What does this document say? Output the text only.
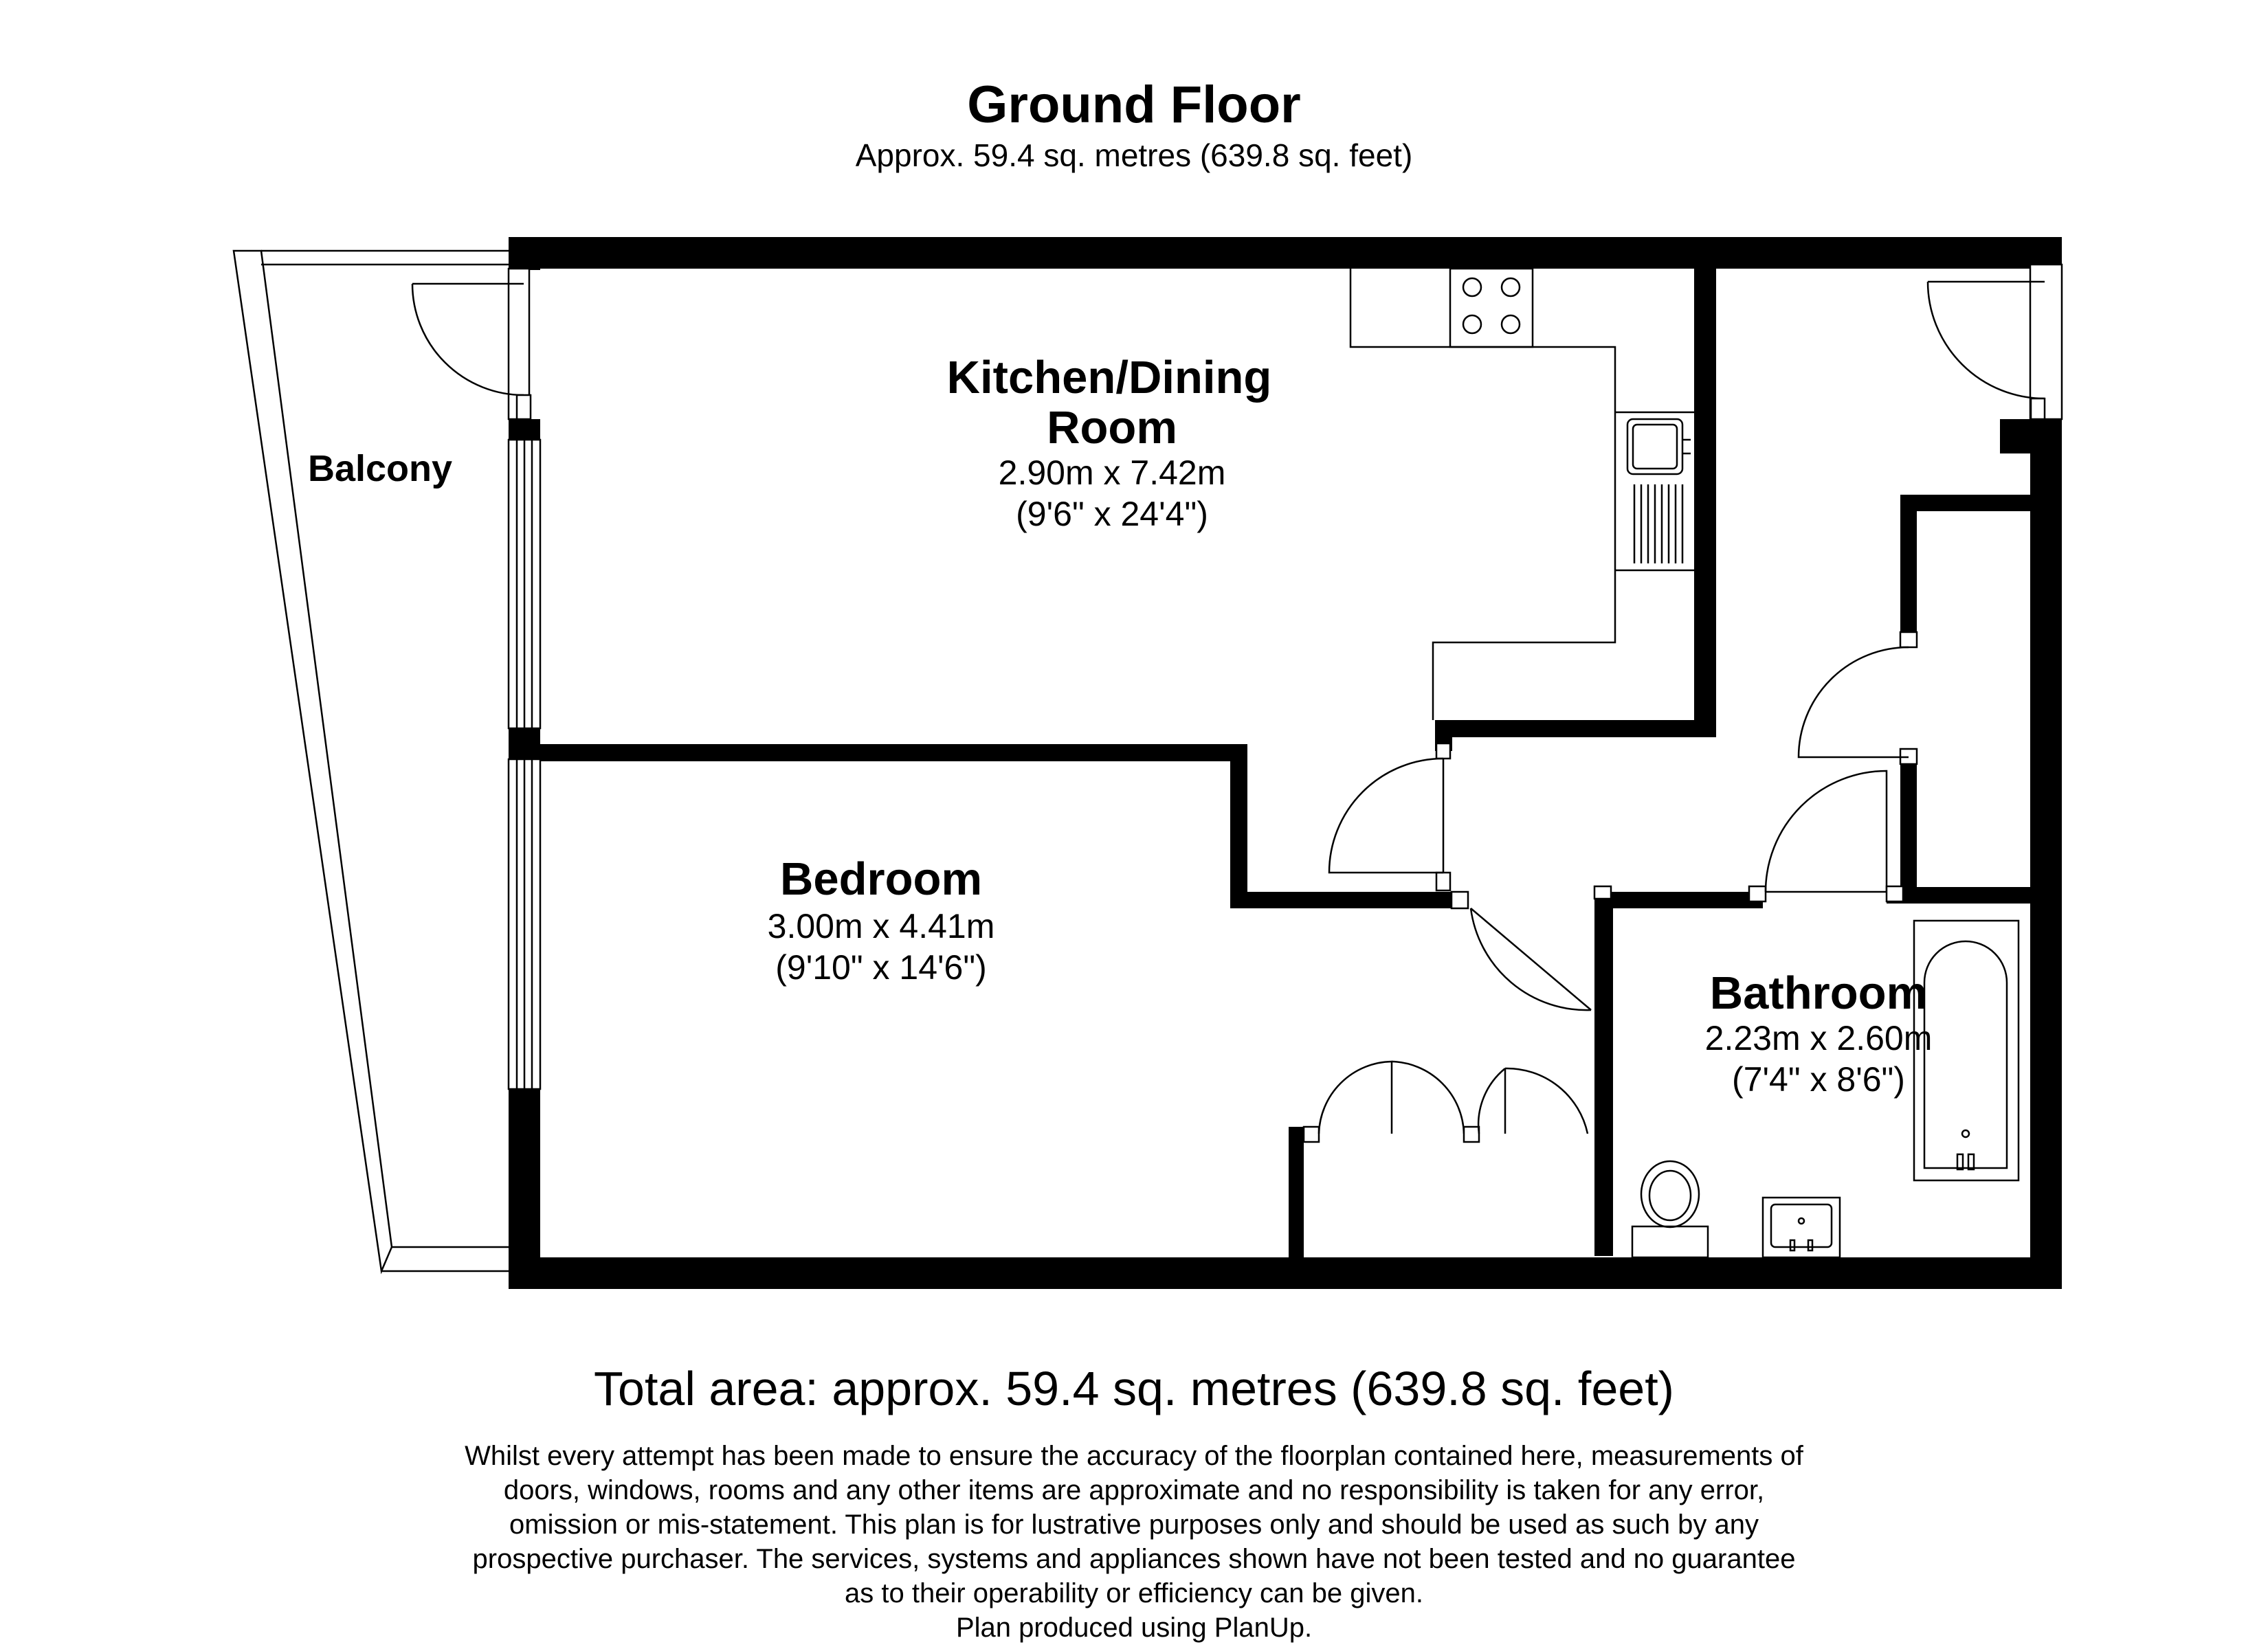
Ground Floor
Approx. 59.4 sq. metres (639.8 sq. feet)
Balcony
Kitchen/Dining
Room
2.90m x 7.42m
(9'6" x 24'4")
Bedroom
3.00m x 4.41m
(9'10" x 14'6")	Bathroom
2.23m x 2.60m
(7'4" x 8'6")
Total area: approx. 59.4 sq. metres (639.8 sq. feet)
Whilst every attempt has been made to ensure the accuracy of the floorplan contained here, measurements of
doors, windows, rooms and any other items are approximate and no responsibility is taken for any error,
omission or mis-statement. This plan is for lustrative purposes only and should be used as such by any
prospective purchaser. The services, systems and appliances shown have not been tested and no guarantee
as to their operability or efficiency can be given.
Plan produced using PlanUp.
